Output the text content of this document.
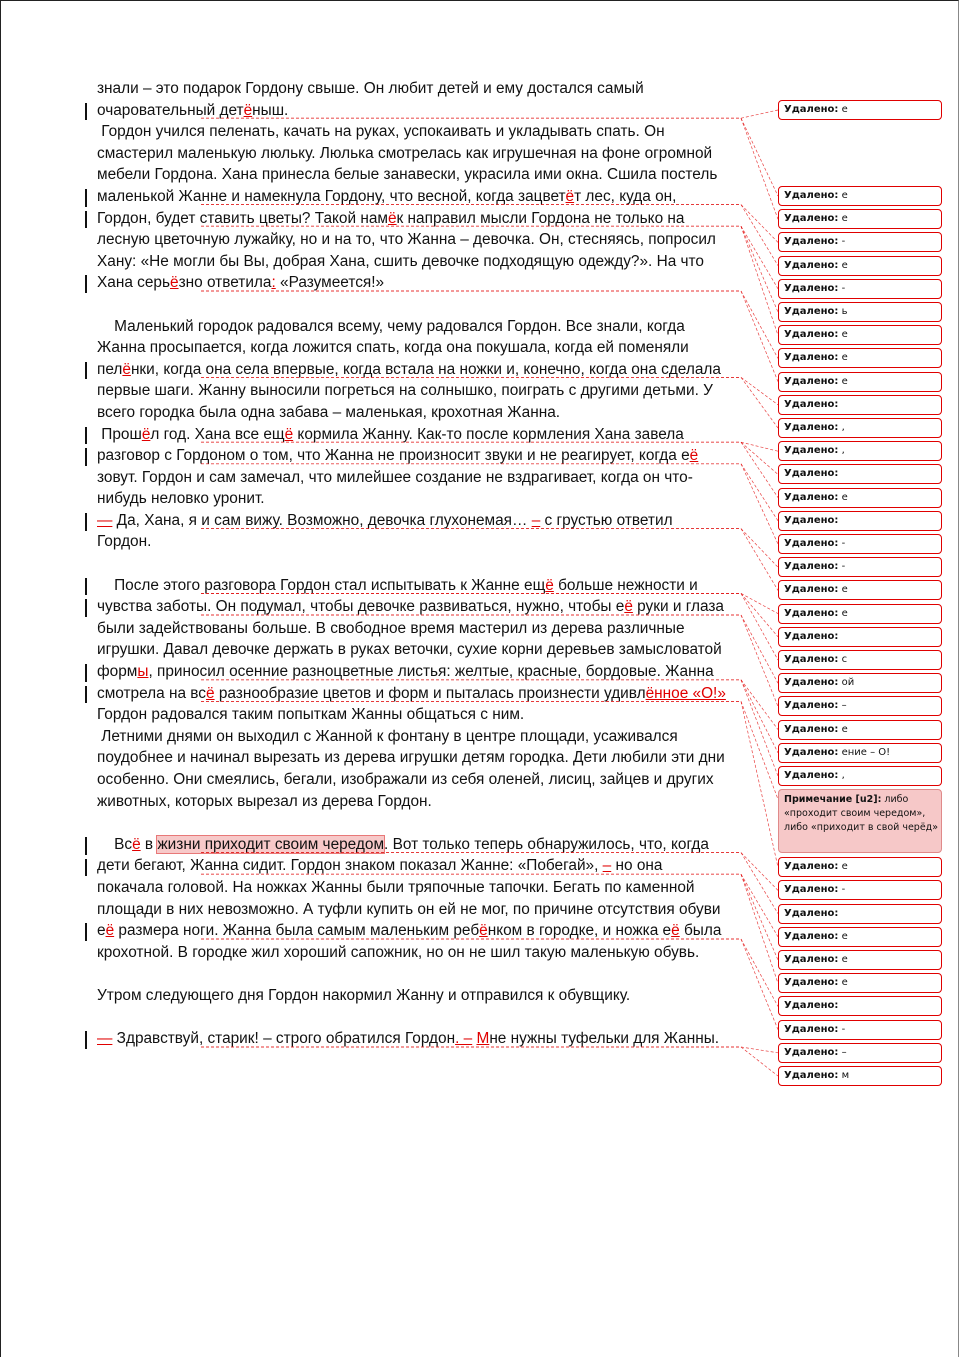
знали – это подарок Гордону свыше. Он любит детей и ему достался самый
очаровательный детёныш.
Гордон учился пеленать, качать на руках, успокаивать и укладывать спать. Он
смастерил маленькую люльку. Люлька смотрелась как игрушечная на фоне огромной
мебели Гордона. Хана принесла белые занавески, украсила ими окна. Сшила постель
маленькой Жанне и намекнула Гордону, что весной, когда зацветёт лес, куда он,
Гордон, будет ставить цветы? Такой намёк направил мысли Гордона не только на
лесную цветочную лужайку, но и на то, что Жанна – девочка. Он, стесняясь, попросил
Хану: «Не могли бы Вы, добрая Хана, сшить девочке подходящую одежду?». На что
Хана серьёзно ответила: «Разумеется!»
Маленький городок радовался всему, чему радовался Гордон. Все знали, когда
Жанна просыпается, когда ложится спать, когда она покушала, когда ей поменяли
пелёнки, когда она села впервые, когда встала на ножки и, конечно, когда она сделала
первые шаги. Жанну выносили погреться на солнышко, поиграть с другими детьми. У
всего городка была одна забава – маленькая, крохотная Жанна.
Прошёл год. Хана все ещё кормила Жанну. Как-то после кормления Хана завела
разговор с Гордоном о том, что Жанна не произносит звуки и не реагирует, когда её
зовут. Гордон и сам замечал, что милейшее создание не вздрагивает, когда он что-
нибудь неловко уронит.
— Да, Хана, я и сам вижу. Возможно, девочка глухонемая… – с грустью ответил
Гордон.
После этого разговора Гордон стал испытывать к Жанне ещё больше нежности и
чувства заботы. Он подумал, чтобы девочке развиваться, нужно, чтобы её руки и глаза
были задействованы больше. В свободное время мастерил из дерева различные
игрушки. Давал девочке держать в руках веточки, сухие корни деревьев замысловатой
формы, приносил осенние разноцветные листья: желтые, красные, бордовые. Жанна
смотрела на всё разнообразие цветов и форм и пыталась произнести удивлённое «О!»
Гордон радовался таким попыткам Жанны общаться с ним.
Летними днями он выходил с Жанной к фонтану в центре площади, усаживался
поудобнее и начинал вырезать из дерева игрушки детям городка. Дети любили эти дни
особенно. Они смеялись, бегали, изображали из себя оленей, лисиц, зайцев и других
животных, которых вырезал из дерева Гордон.
Всё в жизни приходит своим чередом. Вот только теперь обнаружилось, что, когда
дети бегают, Жанна сидит. Гордон знаком показал Жанне: «Побегай», – но она
покачала головой. На ножках Жанны были тряпочные тапочки. Бегать по каменной
площади в них невозможно. А туфли купить он ей не мог, по причине отсутствия обуви
её размера ноги. Жанна была самым маленьким ребёнком в городке, и ножка её была
крохотной. В городке жил хороший сапожник, но он не шил такую маленькую обувь.
Утром следующего дня Гордон накормил Жанну и отправился к обувщику.
— Здравствуй, старик! – строго обратился Гордон. – Мне нужны туфельки для Жанны.
Удалено: е
Удалено: е
Удалено: е
Удалено: -
Удалено: е
Удалено: -
Удалено: ь
Удалено: е
Удалено: е
Удалено: е
Удалено:
Удалено: ,
Удалено: ,
Удалено:
Удалено: е
Удалено:
Удалено: -
Удалено: -
Удалено: е
Удалено: е
Удалено:
Удалено: с
Удалено: ой
Удалено: –
Удалено: е
Удалено: ение – О!
Удалено: ,
Примечание [u2]: либо «проходит своим чередом», либо «приходит в свой черёд»
Удалено: е
Удалено: -
Удалено:
Удалено: е
Удалено: е
Удалено: е
Удалено:
Удалено: -
Удалено: –
Удалено: м
